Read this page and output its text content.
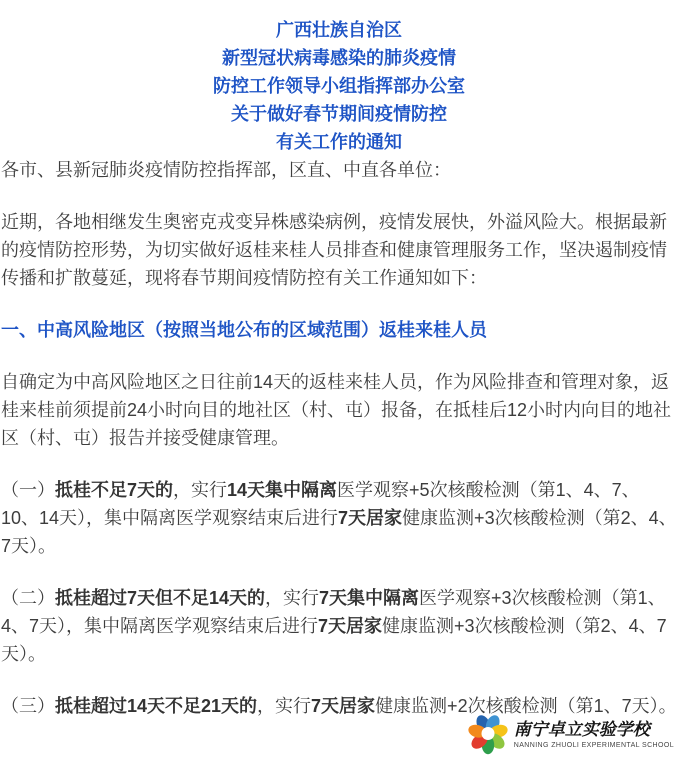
广西壮族自治区
新型冠状病毒感染的肺炎疫情
防控工作领导小组指挥部办公室
关于做好春节期间疫情防控
有关工作的通知

各市、县新冠肺炎疫情防控指挥部，区直、中直各单位：

近期，各地相继发生奥密克戎变异株感染病例，疫情发展快，外溢风险大。根据最新的疫情防控形势，为切实做好返桂来桂人员排查和健康管理服务工作，坚决遏制疫情传播和扩散蔓延，现将春节期间疫情防控有关工作通知如下：

一、中高风险地区（按照当地公布的区域范围）返桂来桂人员

自确定为中高风险地区之日往前14天的返桂来桂人员，作为风险排查和管理对象，返桂来桂前须提前24小时向目的地社区（村、屯）报备，在抵桂后12小时内向目的地社区（村、屯）报告并接受健康管理。

（一）抵桂不足7天的，实行14天集中隔离医学观察+5次核酸检测（第1、4、7、10、14天），集中隔离医学观察结束后进行7天居家健康监测+3次核酸检测（第2、4、7天）。

（二）抵桂超过7天但不足14天的，实行7天集中隔离医学观察+3次核酸检测（第1、4、7天），集中隔离医学观察结束后进行7天居家健康监测+3次核酸检测（第2、4、7天）。

（三）抵桂超过14天不足21天的，实行7天居家健康监测+2次核酸检测（第1、7天）。

南宁卓立实验学校
NANNING ZHUOLI EXPERIMENTAL SCHOOL
